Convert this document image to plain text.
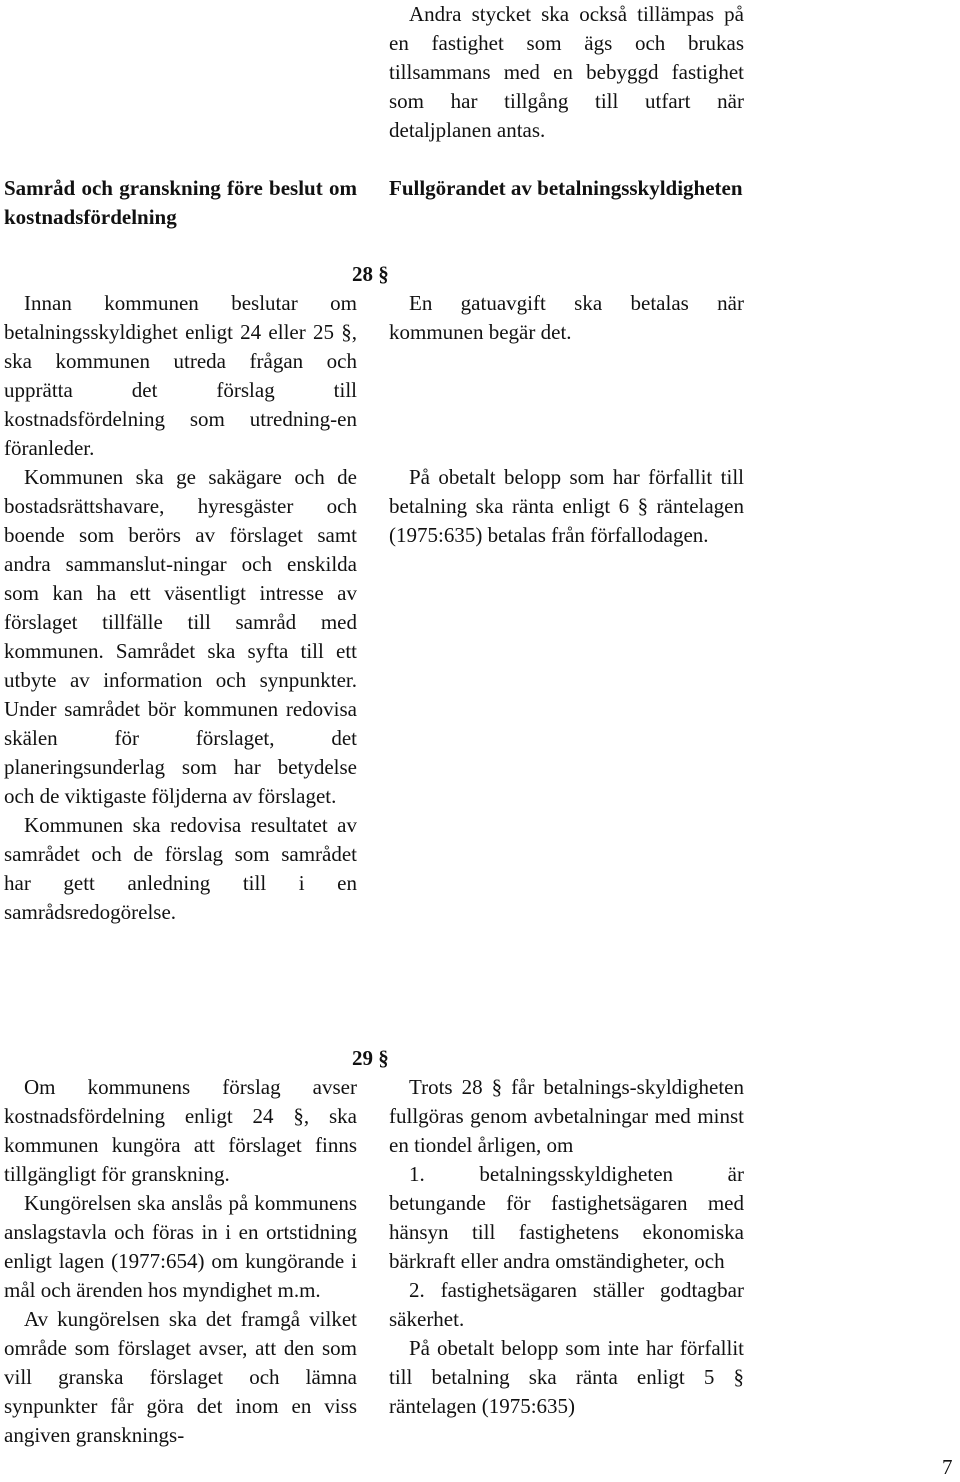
Andra stycket ska också tillämpas på en fastighet som ägs och brukas tillsammans med en bebyggd fastighet som har tillgång till utfart när detaljplanen antas.

Samråd och granskning före beslut om kostnadsfördelning

Fullgörandet av betalningsskyldigheten

28 §

Innan kommunen beslutar om betalningsskyldighet enligt 24 eller 25 §, ska kommunen utreda frågan och upprätta det förslag till kostnadsfördelning som utredning-en föranleder.

Kommunen ska ge sakägare och de bostadsrättshavare, hyresgäster och boende som berörs av förslaget samt andra sammanslut-ningar och enskilda som kan ha ett väsentligt intresse av förslaget tillfälle till samråd med kommunen. Samrådet ska syfta till ett utbyte av information och synpunkter. Under samrådet bör kommunen redovisa skälen för förslaget, det planeringsunderlag som har betydelse och de viktigaste följderna av förslaget.

Kommunen ska redovisa resultatet av samrådet och de förslag som samrådet har gett anledning till i en samrådsredogörelse.

En gatuavgift ska betalas när kommunen begär det.

På obetalt belopp som har förfallit till betalning ska ränta enligt 6 § räntelagen (1975:635) betalas från förfallodagen.

29 §

Om kommunens förslag avser kostnadsfördelning enligt 24 §, ska kommunen kungöra att förslaget finns tillgängligt för granskning.

Kungörelsen ska anslås på kommunens anslagstavla och föras in i en ortstidning enligt lagen (1977:654) om kungörande i mål och ärenden hos myndighet m.m.

Av kungörelsen ska det framgå vilket område som förslaget avser, att den som vill granska förslaget och lämna synpunkter får göra det inom en viss angiven gransknings-

Trots 28 § får betalnings-skyldigheten fullgöras genom avbetalningar med minst en tiondel årligen, om

1. betalningsskyldigheten är betungande för fastighetsägaren med hänsyn till fastighetens ekonomiska bärkraft eller andra omständigheter, och

2. fastighetsägaren ställer godtagbar säkerhet.

På obetalt belopp som inte har förfallit till betalning ska ränta enligt 5 § räntelagen (1975:635)

7
